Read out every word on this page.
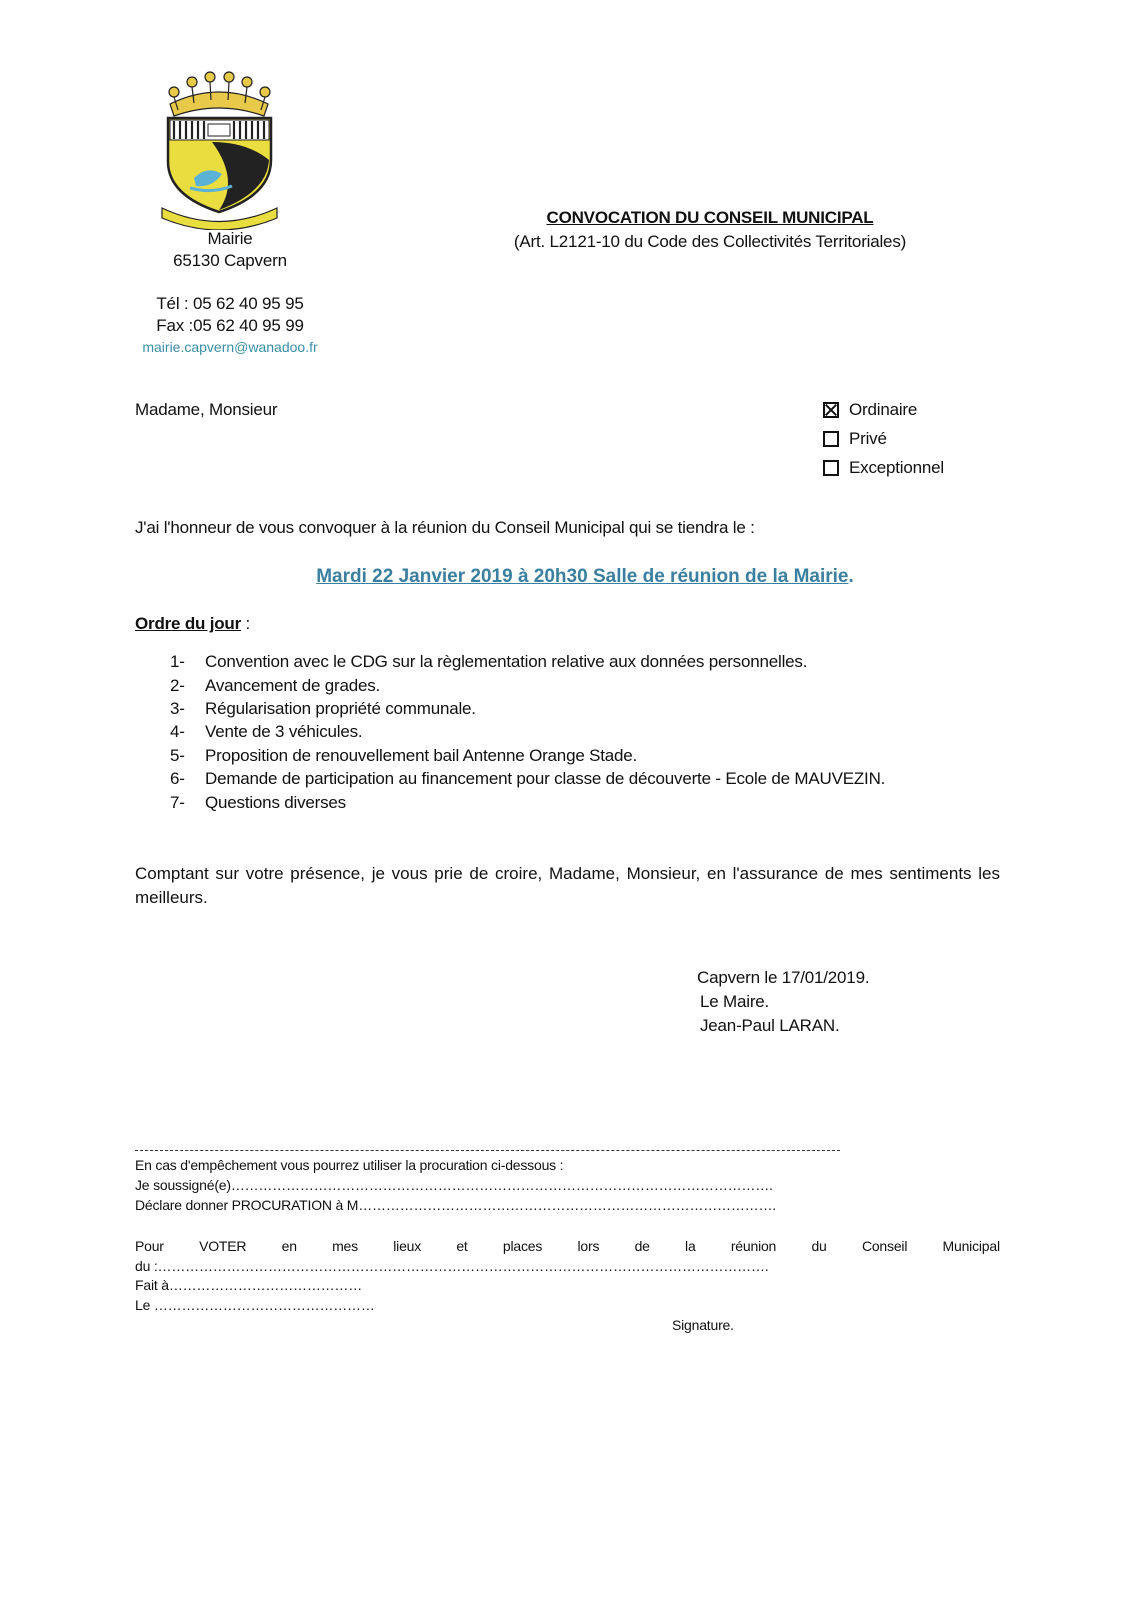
Mairie
65130 Capvern
Tél : 05 62 40 95 95
Fax :05 62 40 95 99
mairie.capvern@wanadoo.fr
CONVOCATION DU CONSEIL MUNICIPAL
(Art. L2121-10 du Code des Collectivités Territoriales)
Madame, Monsieur	Ordinaire
Privé
Exceptionnel
J'ai l'honneur de vous convoquer à la réunion du Conseil Municipal qui se tiendra le :
Mardi 22 Janvier 2019 à 20h30 Salle de réunion de la Mairie.
Ordre du jour :
1- Convention avec le CDG sur la règlementation relative aux données personnelles.
2- Avancement de grades.
3- Régularisation propriété communale.
4- Vente de 3 véhicules.
5- Proposition de renouvellement bail Antenne Orange Stade.
6- Demande de participation au financement pour classe de découverte - Ecole de MAUVEZIN.
7- Questions diverses
Comptant sur votre présence, je vous prie de croire, Madame, Monsieur, en l'assurance de mes sentiments les meilleurs.
Capvern le 17/01/2019.
Le Maire.
Jean-Paul LARAN.
En cas d'empêchement vous pourrez utiliser la procuration ci-dessous :
Je soussigné(e)……………………………………………………………………………………………………….
Déclare donner PROCURATION à M……………………………………………………………………………….
Pour	VOTER	en	mes	lieux	et	places	lors	de	la	réunion	du	Conseil	Municipal
du :…………………………………………………………………………………………………………………….
Fait à……………………………………
Le …………………………………………
Signature.
